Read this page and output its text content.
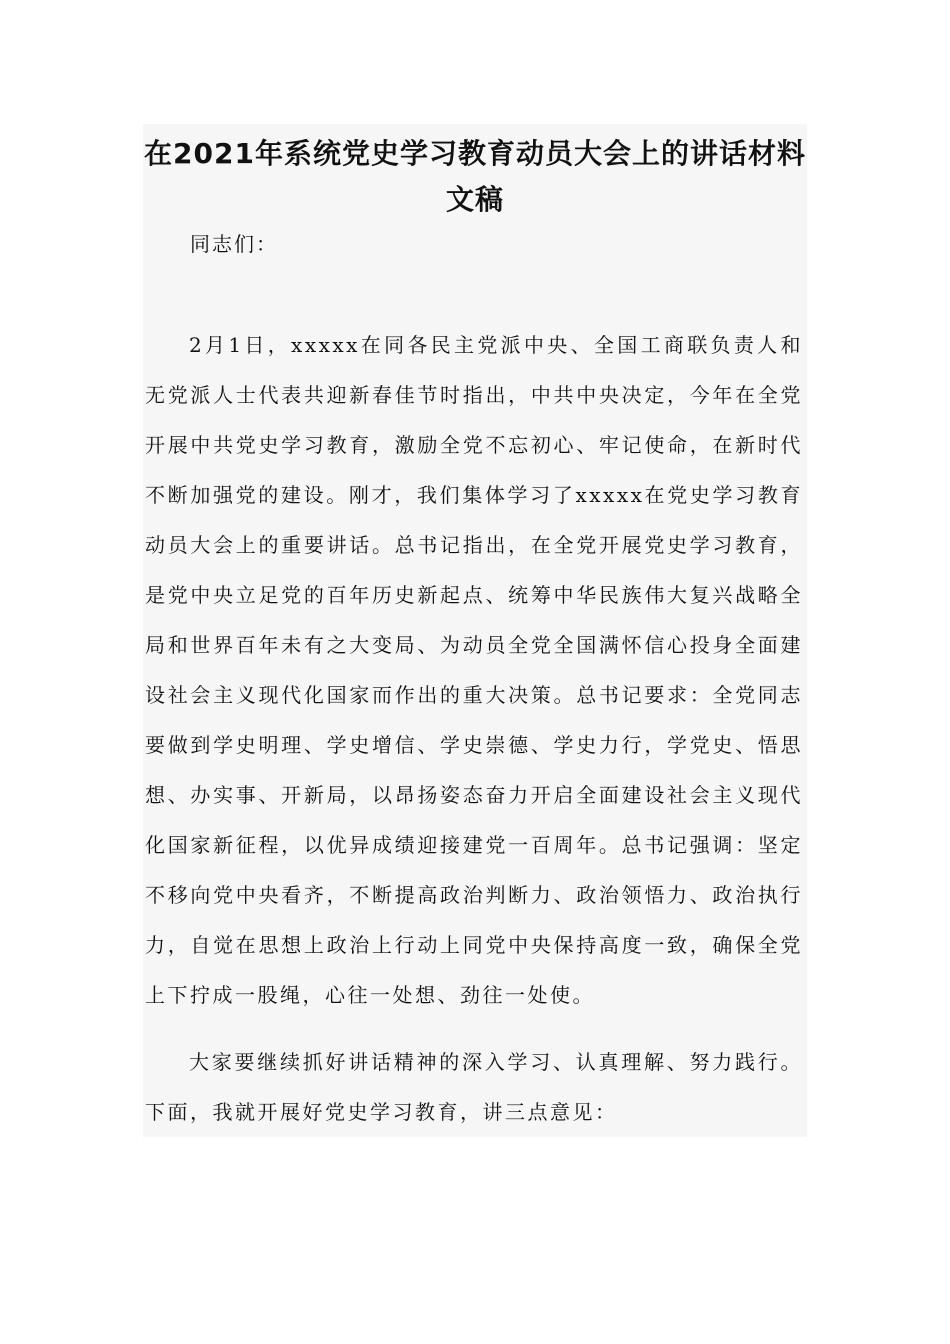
在2021年系统党史学习教育动员大会上的讲话材料文稿
同志们：

2月1日，xxxxx在同各民主党派中央、全国工商联负责人和无党派人士代表共迎新春佳节时指出，中共中央决定，今年在全党开展中共党史学习教育，激励全党不忘初心、牢记使命，在新时代不断加强党的建设。刚才，我们集体学习了xxxxx在党史学习教育动员大会上的重要讲话。总书记指出，在全党开展党史学习教育，是党中央立足党的百年历史新起点、统筹中华民族伟大复兴战略全局和世界百年未有之大变局、为动员全党全国满怀信心投身全面建设社会主义现代化国家而作出的重大决策。总书记要求：全党同志要做到学史明理、学史增信、学史崇德、学史力行，学党史、悟思想、办实事、开新局，以昂扬姿态奋力开启全面建设社会主义现代化国家新征程，以优异成绩迎接建党一百周年。总书记强调：坚定不移向党中央看齐，不断提高政治判断力、政治领悟力、政治执行力，自觉在思想上政治上行动上同党中央保持高度一致，确保全党上下拧成一股绳，心往一处想、劲往一处使。

大家要继续抓好讲话精神的深入学习、认真理解、努力践行。下面，我就开展好党史学习教育，讲三点意见：
